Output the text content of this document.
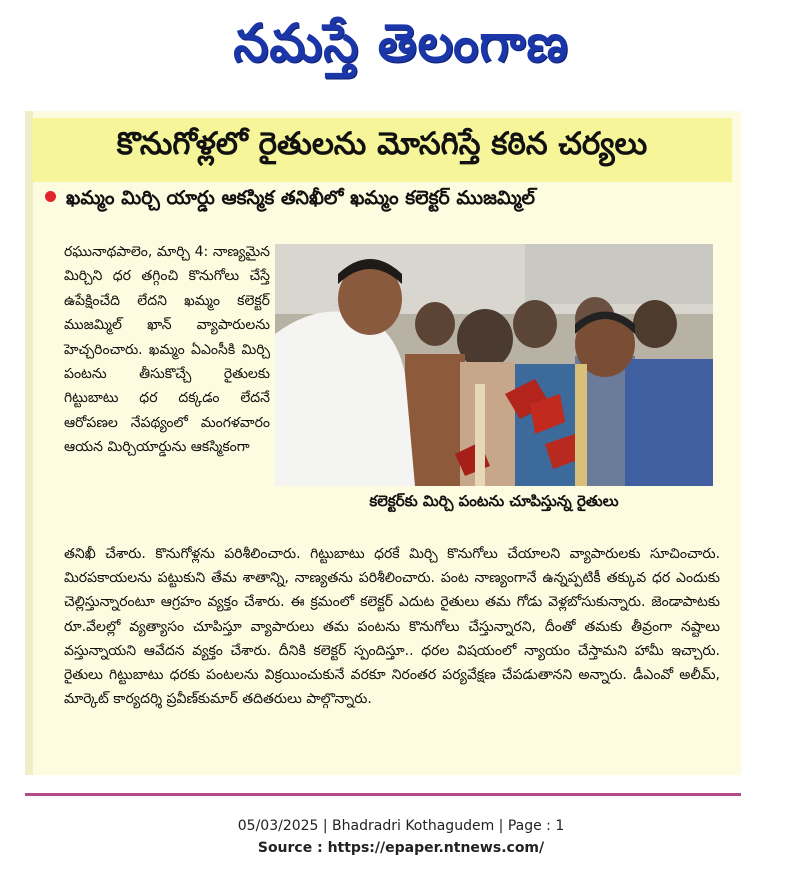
నమస్తే తెలంగాణ
కొనుగోళ్లలో రైతులను మోసగిస్తే కఠిన చర్యలు
ఖమ్మం మిర్చి యార్డు ఆకస్మిక తనిఖీలో ఖమ్మం కలెక్టర్ ముజమ్మిల్
రఘునాథపాలెం, మార్చి 4: నాణ్యమైన మిర్చిని ధర తగ్గించి కొనుగోలు చేస్తే ఉపేక్షించేది లేదని ఖమ్మం కలెక్టర్ ముజమ్మిల్ ఖాన్ వ్యాపారులను హెచ్చరించారు. ఖమ్మం ఏఎంసీకి మిర్చి పంటను తీసుకొచ్చే రైతులకు గిట్టుబాటు ధర దక్కడం లేదనే ఆరోపణల నేపథ్యంలో మంగళవారం ఆయన మిర్చియార్డును ఆకస్మికంగా
కలెక్టర్‌కు మిర్చి పంటను చూపిస్తున్న రైతులు
తనిఖీ చేశారు. కొనుగోళ్లను పరిశీలించారు. గిట్టుబాటు ధరకే మిర్చి కొనుగోలు చేయాలని వ్యాపారులకు సూచించారు. మిరపకాయలను పట్టుకుని తేమ శాతాన్ని, నాణ్యతను పరిశీలించారు. పంట నాణ్యంగానే ఉన్నప్పటికీ తక్కువ ధర ఎందుకు చెల్లిస్తున్నారంటూ ఆగ్రహం వ్యక్తం చేశారు. ఈ క్రమంలో కలెక్టర్ ఎదుట రైతులు తమ గోడు వెళ్లబోసుకున్నారు. జెండాపాటకు రూ.వేలల్లో వ్యత్యాసం చూపిస్తూ వ్యాపారులు తమ పంటను కొనుగోలు చేస్తున్నారని, దీంతో తమకు తీవ్రంగా నష్టాలు వస్తున్నాయని ఆవేదన వ్యక్తం చేశారు. దీనికి కలెక్టర్ స్పందిస్తూ.. ధరల విషయంలో న్యాయం చేస్తామని హామీ ఇచ్చారు. రైతులు గిట్టుబాటు ధరకు పంటలను విక్రయించుకునే వరకూ నిరంతర పర్యవేక్షణ చేపడుతానని అన్నారు. డీఎంవో అలీమ్, మార్కెట్ కార్యదర్శి ప్రవీణ్‌కుమార్ తదితరులు పాల్గొన్నారు.
05/03/2025 | Bhadradri Kothagudem | Page : 1
Source : https://epaper.ntnews.com/
